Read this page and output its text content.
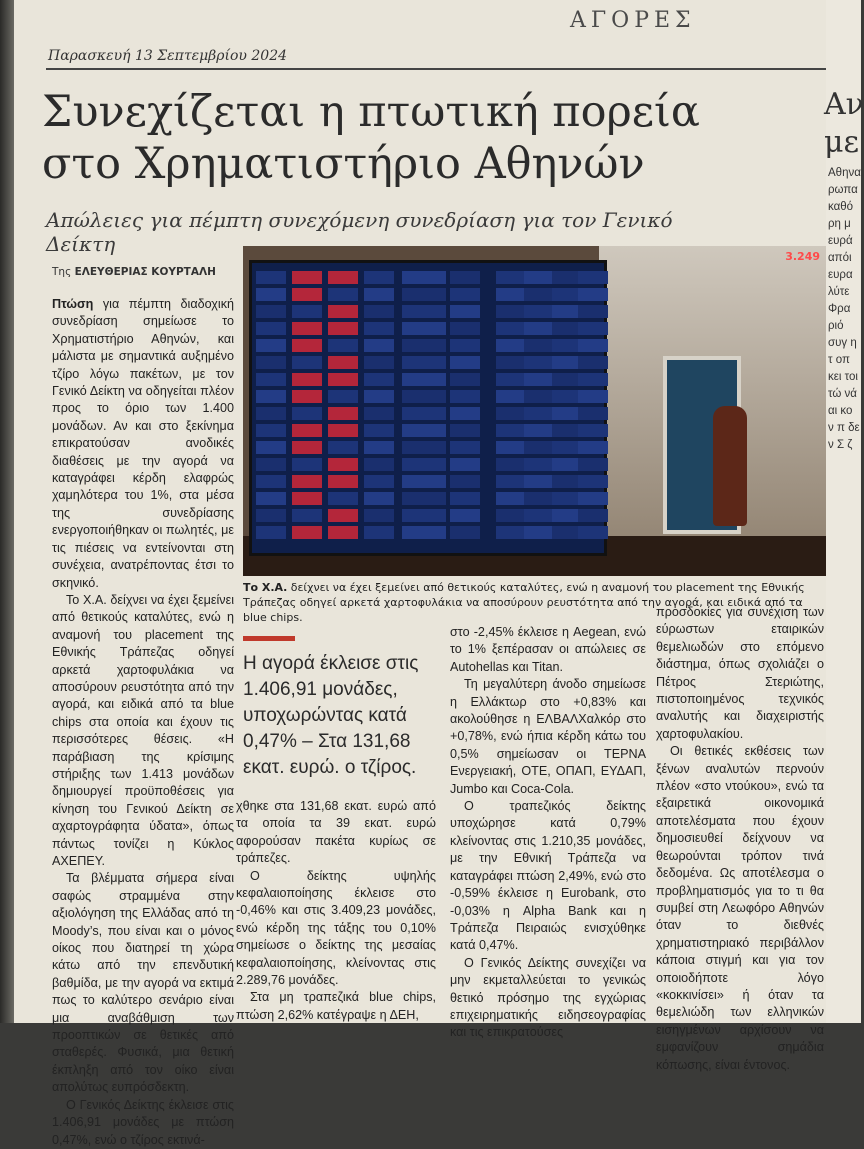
ΑΓΟΡΕΣ
Παρασκευή 13 Σεπτεμβρίου 2024
Συνεχίζεται η πτωτική πορεία στο Χρηματιστήριο Αθηνών
Απώλειες για πέμπτη συνεχόμενη συνεδρίαση για τον Γενικό Δείκτη
Της ΕΛΕΥΘΕΡΙΑΣ ΚΟΥΡΤΑΛΗ

Πτώση για πέμπτη διαδοχική συνεδρίαση σημείωσε το Χρηματιστήριο Αθηνών, και μάλιστα με σημαντικά αυξημένο τζίρο λόγω πακέτων, με τον Γενικό Δείκτη να οδηγείται πλέον προς το όριο των 1.400 μονάδων. Αν και στο ξεκίνημα επικρατούσαν ανοδικές διαθέσεις με την αγορά να καταγράφει κέρδη ελαφρώς χαμηλότερα του 1%, στα μέσα της συνεδρίασης ενεργοποιήθηκαν οι πωλητές, με τις πιέσεις να εντείνονται στη συνέχεια, ανατρέποντας έτσι το σκηνικό.

Το Χ.Α. δείχνει να έχει ξεμείνει από θετικούς καταλύτες, ενώ η αναμονή του placement της Εθνικής Τράπεζας οδηγεί αρκετά χαρτοφυλάκια να αποσύρουν ρευστότητα από την αγορά, και ειδικά από τα blue chips στα οποία και έχουν τις περισσότερες θέσεις. «Η παράβιαση της κρίσιμης στήριξης των 1.413 μονάδων δημιουργεί προϋποθέσεις για κίνηση του Γενικού Δείκτη σε αχαρτογράφητα ύδατα», όπως πάντως τονίζει η Κύκλος ΑΧΕΠΕΥ.

Τα βλέμματα σήμερα είναι σαφώς στραμμένα στην αξιολόγηση της Ελλάδας από τη Moody’s, που είναι και ο μόνος οίκος που διατηρεί τη χώρα κάτω από την επενδυτική βαθμίδα, με την αγορά να εκτιμά πως το καλύτερο σενάριο είναι μια αναβάθμιση των προοπτικών σε θετικές από σταθερές. Φυσικά, μια θετική έκπληξη από τον οίκο είναι απολύτως ευπρόσδεκτη.

Ο Γενικός Δείκτης έκλεισε στις 1.406,91 μονάδες με πτώση 0,47%, ενώ ο τζίρος εκτινά-

3.249
Το Χ.Α. δείχνει να έχει ξεμείνει από θετικούς καταλύτες, ενώ η αναμονή του placement της Εθνικής Τράπεζας οδηγεί αρκετά χαρτοφυλάκια να αποσύρουν ρευστότητα από την αγορά, και ειδικά από τα blue chips.
Η αγορά έκλεισε στις 1.406,91 μονάδες, υποχωρώντας κατά 0,47% – Στα 131,68 εκατ. ευρώ. ο τζίρος.

χθηκε στα 131,68 εκατ. ευρώ από τα οποία τα 39 εκατ. ευρώ αφορούσαν πακέτα κυρίως σε τράπεζες.

Ο δείκτης υψηλής κεφαλαιοποίησης έκλεισε στο -0,46% και στις 3.409,23 μονάδες, ενώ κέρδη της τάξης του 0,10% σημείωσε ο δείκτης της μεσαίας κεφαλαιοποίησης, κλείνοντας στις 2.289,76 μονάδες.

Στα μη τραπεζικά blue chips, πτώση 2,62% κατέγραψε η ΔΕΗ,

στο -2,45% έκλεισε η Aegean, ενώ το 1% ξεπέρασαν οι απώλειες σε Autohellas και Titan.

Τη μεγαλύτερη άνοδο σημείωσε η Ελλάκτωρ στο +0,83% και ακολούθησε η ΕΛΒΑΛΧαλκόρ στο +0,78%, ενώ ήπια κέρδη κάτω του 0,5% σημείωσαν οι ΤΕΡΝΑ Ενεργειακή, ΟΤΕ, ΟΠΑΠ, ΕΥΔΑΠ, Jumbo και Coca-Cola.

Ο τραπεζικός δείκτης υποχώρησε κατά 0,79% κλείνοντας στις 1.210,35 μονάδες, με την Εθνική Τράπεζα να καταγράφει πτώση 2,49%, ενώ στο -0,59% έκλεισε η Eurobank, στο -0,03% η Alpha Bank και η Τράπεζα Πειραιώς ενισχύθηκε κατά 0,47%.

Ο Γενικός Δείκτης συνεχίζει να μην εκμεταλλεύεται το γενικώς θετικό πρόσημο της εγχώριας επιχειρηματικής ειδησεογραφίας και τις επικρατούσες

προσδοκίες για συνέχιση των εύρωστων εταιρικών θεμελιωδών στο επόμενο διάστημα, όπως σχολιάζει ο Πέτρος Στεριώτης, πιστοποιημένος τεχνικός αναλυτής και διαχειριστής χαρτοφυλακίου.

Οι θετικές εκθέσεις των ξένων αναλυτών περνούν πλέον «στο ντούκου», ενώ τα εξαιρετικά οικονομικά αποτελέσματα που έχουν δημοσιευθεί δείχνουν να θεωρούνται τρόπον τινά δεδομένα. Ως αποτέλεσμα ο προβληματισμός για το τι θα συμβεί στη Λεωφόρο Αθηνών όταν το διεθνές χρηματιστηριακό περιβάλλον κάποια στιγμή και για τον οποιοδήποτε λόγο «κοκκινίσει» ή όταν τα θεμελιώδη των ελληνικών εισηγμένων αρχίσουν να εμφανίζουν σημάδια κόπωσης, είναι έντονος.

Αν με
Αθηνα ρωπα καθό ρη μ ευρά απόι ευρα λύτε Φρα ριό συγ η τ οπ κει τοι τώ νά αι κο ν π δε ν Σ ζ
